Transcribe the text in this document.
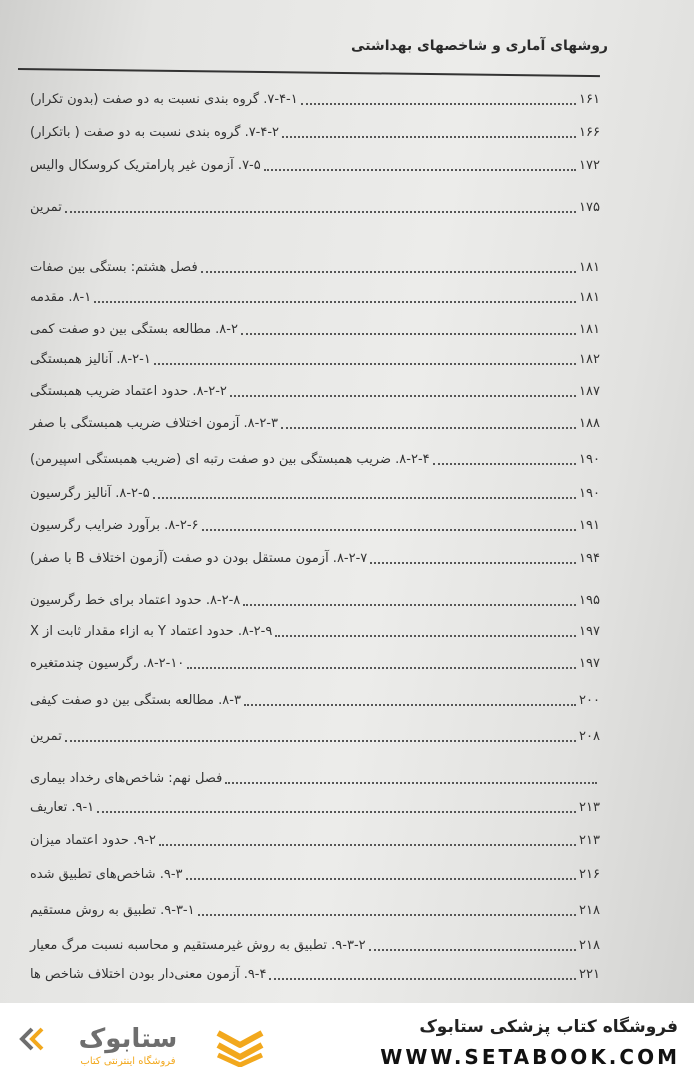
روشهای آماری و شاخصهای بهداشتی
۷-۴-۱. گروه بندی نسبت به دو صفت (بدون تکرار)	۱۶۱
۷-۴-۲. گروه بندی نسبت به دو صفت ( باتکرار)	۱۶۶
۷-۵. آزمون غیر پارامتریک کروسکال والیس	۱۷۲
تمرین	۱۷۵
فصل هشتم: بستگی بین صفات	۱۸۱
۸-۱. مقدمه	۱۸۱
۸-۲. مطالعه بستگی بین دو صفت کمی	۱۸۱
۸-۲-۱. آنالیز همبستگی	۱۸۲
۸-۲-۲. حدود اعتماد ضریب همبستگی	۱۸۷
۸-۲-۳. آزمون اختلاف ضریب همبستگی با صفر	۱۸۸
۸-۲-۴. ضریب همبستگی بین دو صفت رتبه ای (ضریب همبستگی اسپیرمن)	۱۹۰
۸-۲-۵. آنالیز رگرسیون	۱۹۰
۸-۲-۶. برآورد ضرایب رگرسیون	۱۹۱
۸-۲-۷. آزمون مستقل بودن دو صفت (آزمون اختلاف B با صفر)	۱۹۴
۸-۲-۸. حدود اعتماد برای خط رگرسیون	۱۹۵
۸-۲-۹. حدود اعتماد Y به ازاء مقدار ثابت از X	۱۹۷
۸-۲-۱۰. رگرسیون چندمتغیره	۱۹۷
۸-۳. مطالعه بستگی بین دو صفت کیفی	۲۰۰
تمرین	۲۰۸
فصل نهم: شاخص‌های رخداد بیماری
۹-۱. تعاریف	۲۱۳
۹-۲. حدود اعتماد میزان	۲۱۳
۹-۳. شاخص‌های تطبیق شده	۲۱۶
۹-۳-۱. تطبیق به روش مستقیم	۲۱۸
۹-۳-۲. تطبیق به روش غیرمستقیم و محاسبه نسبت مرگ معیار	۲۱۸
۹-۴. آزمون معنی‌دار بودن اختلاف شاخص ها	۲۲۱
ستابوک
فروشگاه اینترنتی کتاب
فروشگاه کتاب پزشکی ستابوک
WWW.SETABOOK.COM
